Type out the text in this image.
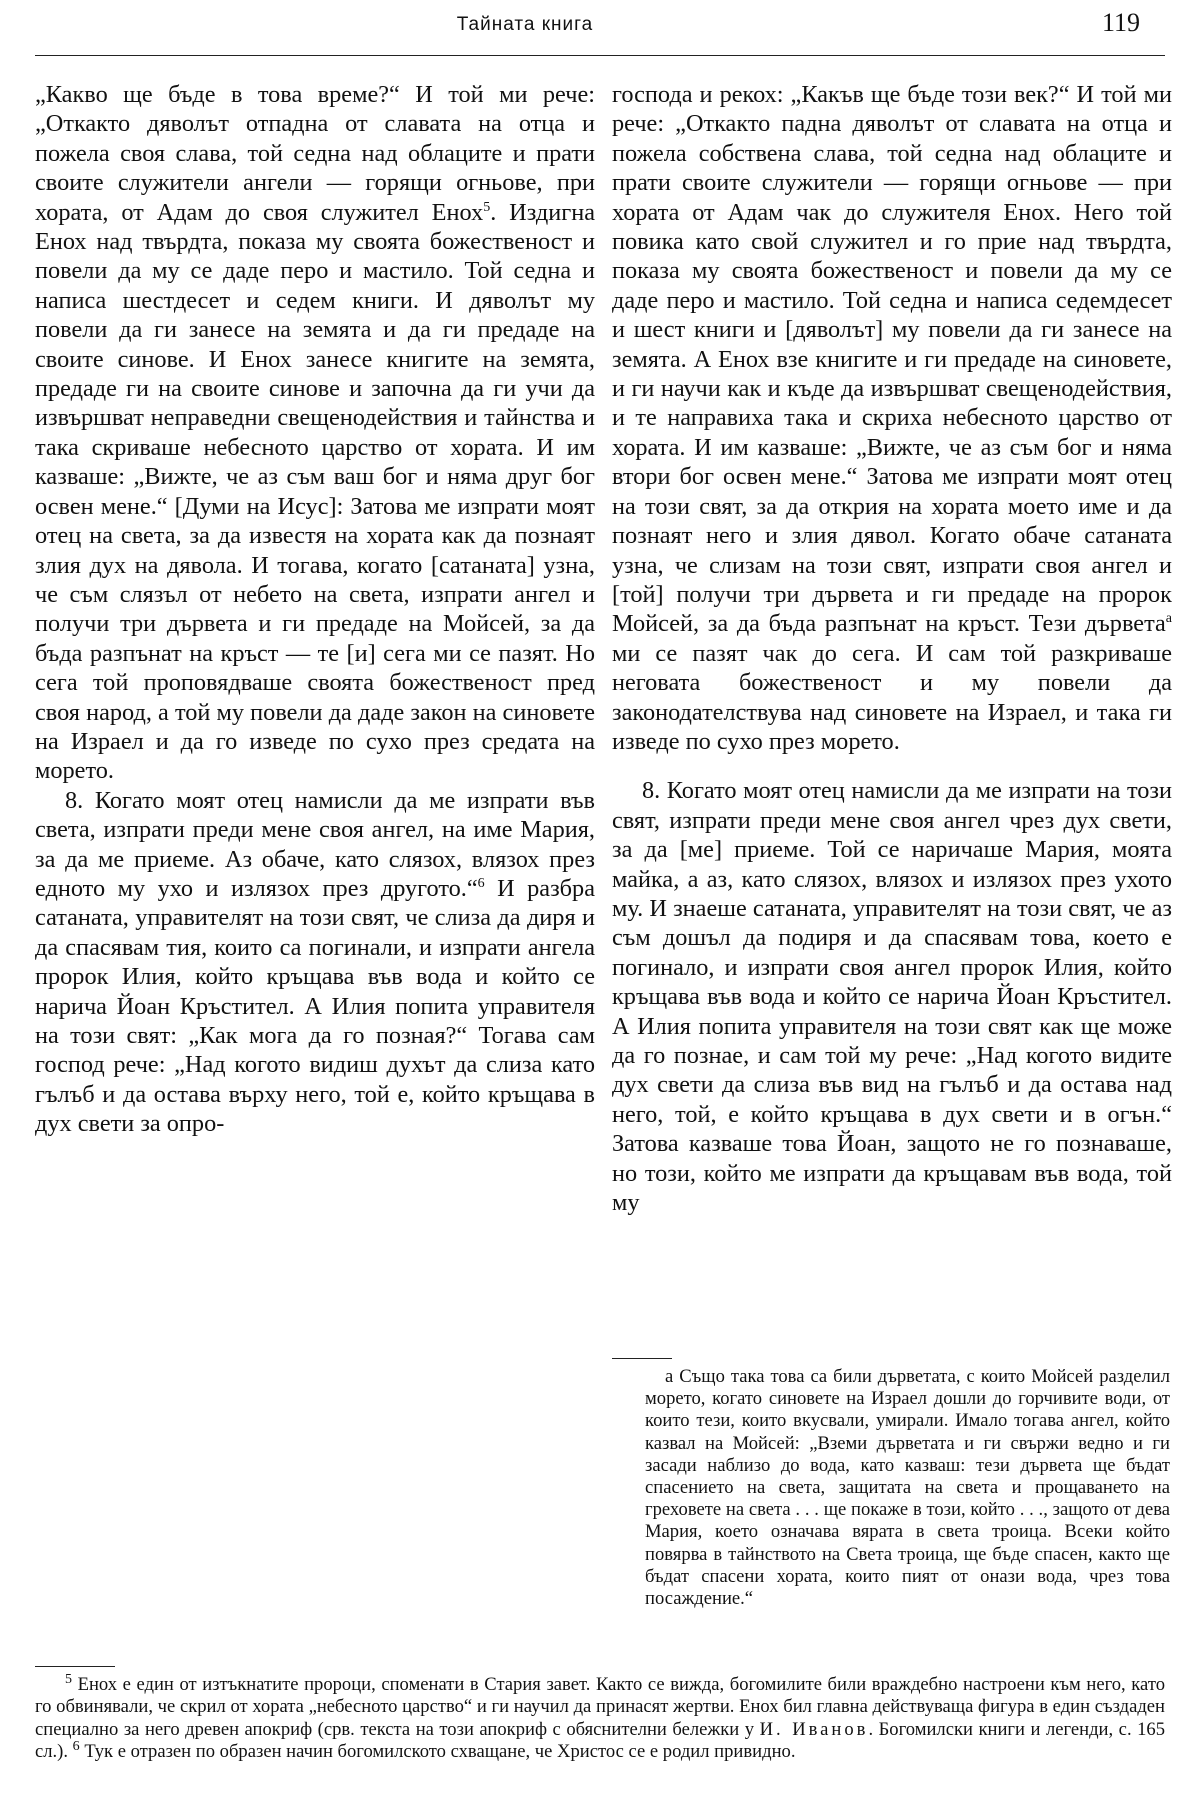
Тайната книга	119

„Какво ще бъде в това време?“ И той ми рече: „Откакто дяволът отпадна от славата на отца и пожела своя слава, той седна над облаците и прати своите служители ангели — горящи огньове, при хората, от Адам до своя служител Енох$^5$. Издигна Енох над твърдта, показа му своята божественост и повели да му се даде перо и мастило. Той седна и написа шестдесет и седем книги. И дяволът му повели да ги занесе на земята и да ги предаде на своите синове. И Енох занесе книгите на земята, предаде ги на своите синове и започна да ги учи да извършват неправедни свещенодействия и тайнства и така скриваше небесното царство от хората. И им казваше: „Вижте, че аз съм ваш бог и няма друг бог освен мене.“ [Думи на Исус]: Затова ме изпрати моят отец на света, за да известя на хората как да познаят злия дух на дявола. И тогава, когато [сатаната] узна, че съм слязъл от небето на света, изпрати ангел и получи три дървета и ги предаде на Мойсей, за да бъда разпънат на кръст — те [и] сега ми се пазят. Но сега той проповядваше своята божественост пред своя народ, а той му повели да даде закон на синовете на Израел и да го изведе по сухо през средата на морето.

8. Когато моят отец намисли да ме изпрати във света, изпрати преди мене своя ангел, на име Мария, за да ме приеме. Аз обаче, като слязох, влязох през едното му ухо и излязох през другото.“$^6$ И разбра сатаната, управителят на този свят, че слиза да диря и да спасявам тия, които са погинали, и изпрати ангела пророк Илия, който кръщава във вода и който се нарича Йоан Кръстител. А Илия попита управителя на този свят: „Как мога да го позная?“ Тогава сам господ рече: „Над когото видиш духът да слиза като гълъб и да остава върху него, той е, който кръщава в дух свети за опро-

господа и рекох: „Какъв ще бъде този век?“ И той ми рече: „Откакто падна дяволът от славата на отца и пожела собствена слава, той седна над облаците и прати своите служители — горящи огньове — при хората от Адам чак до служителя Енох. Него той повика като свой служител и го прие над твърдта, показа му своята божественост и повели да му се даде перо и мастило. Той седна и написа седемдесет и шест книги и [дяволът] му повели да ги занесе на земята. А Енох взе книгите и ги предаде на синовете, и ги научи как и къде да извършват свещенодействия, и те направиха така и скриха небесното царство от хората. И им казваше: „Вижте, че аз съм бог и няма втори бог освен мене.“ Затова ме изпрати моят отец на този свят, за да открия на хората моето име и да познаят него и злия дявол. Когато обаче сатаната узна, че слизам на този свят, изпрати своя ангел и [той] получи три дървета и ги предаде на пророк Мойсей, за да бъда разпънат на кръст. Тези дървета$^а$ ми се пазят чак до сега. И сам той разкриваше неговата божественост и му повели да законодателствува над синовете на Израел, и така ги изведе по сухо през морето.

8. Когато моят отец намисли да ме изпрати на този свят, изпрати преди мене своя ангел чрез дух свети, за да [ме] приеме. Той се наричаше Мария, моята майка, а аз, като слязох, влязох и излязох през ухото му. И знаеше сатаната, управителят на този свят, че аз съм дошъл да подиря и да спасявам това, което е погинало, и изпрати своя ангел пророк Илия, който кръщава във вода и който се нарича Йоан Кръстител. А Илия попита управителя на този свят как ще може да го познае, и сам той му рече: „Над когото видите дух свети да слиза във вид на гълъб и да остава над него, той, е който кръщава в дух свети и в огън.“ Затова казваше това Йоан, защото не го познаваше, но този, който ме изпрати да кръщавам във вода, той му

а Също така това са били дърветата, с които Мойсей разделил морето, когато синовете на Израел дошли до горчивите води, от които тези, които вкусвали, умирали. Имало тогава ангел, който казвал на Мойсей: „Вземи дърветата и ги свържи ведно и ги засади наблизо до вода, като казваш: тези дървета ще бъдат спасението на света, защитата на света и прощаването на греховете на света . . . ще покаже в този, който . . ., защото от дева Мария, което означава вярата в света троица. Всеки който повярва в тайнството на Света троица, ще бъде спасен, както ще бъдат спасени хората, които пият от онази вода, чрез това посаждение.“

$^5$ Енох е един от изтъкнатите пророци, споменати в Стария завет. Както се вижда, богомилите били враждебно настроени към него, като го обвинявали, че скрил от хората „небесното царство“ и ги научил да принасят жертви. Енох бил главна действуваща фигура в един създаден специално за него древен апокриф (срв. текста на този апокриф с обяснителни бележки у И. Иванов. Богомилски книги и легенди, с. 165 сл.). $^6$ Тук е отразен по образен начин богомилското схващане, че Христос се е родил привидно.
